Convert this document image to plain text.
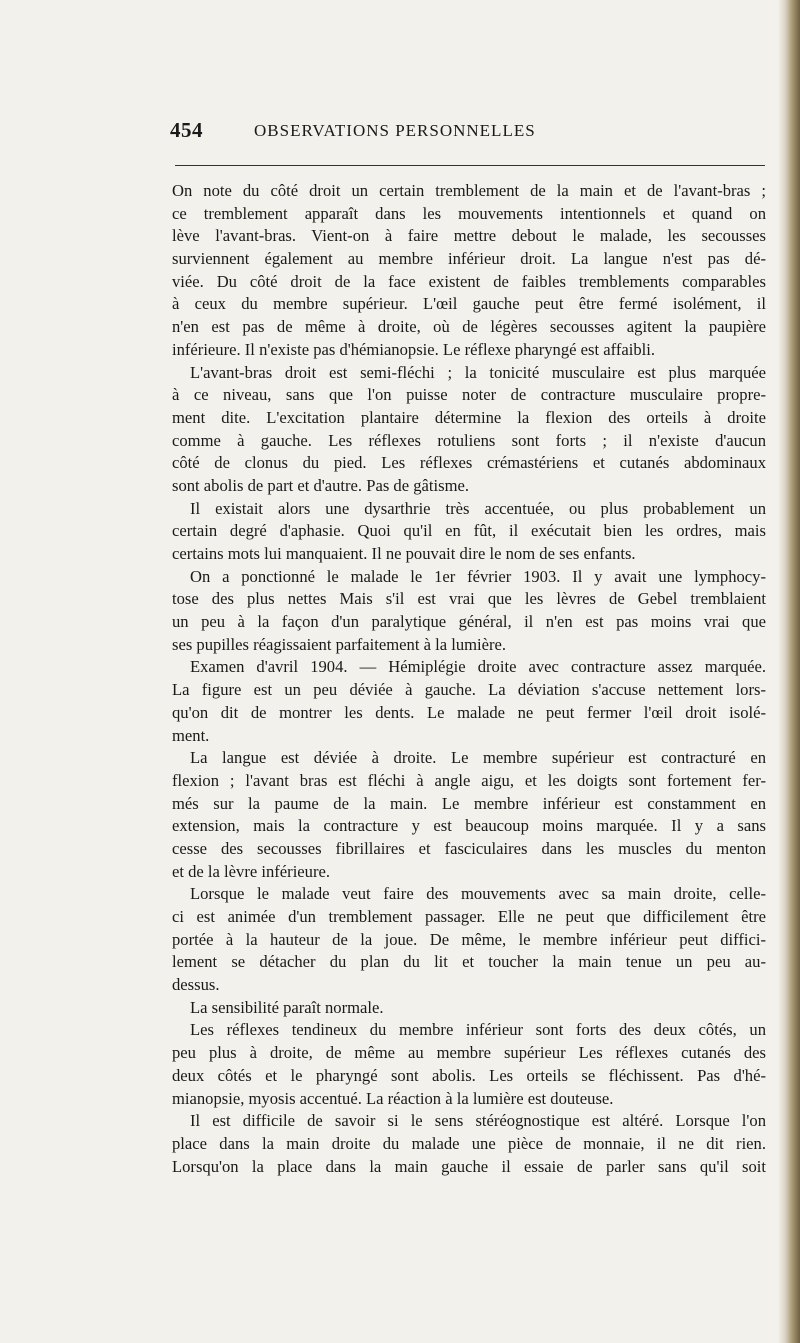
454	OBSERVATIONS PERSONNELLES
On note du côté droit un certain tremblement de la main et de l'avant-bras ;
ce tremblement apparaît dans les mouvements intentionnels et quand on
lève l'avant-bras. Vient-on à faire mettre debout le malade, les secousses
surviennent également au membre inférieur droit. La langue n'est pas dé-
viée. Du côté droit de la face existent de faibles tremblements comparables
à ceux du membre supérieur. L'œil gauche peut être fermé isolément, il
n'en est pas de même à droite, où de légères secousses agitent la paupière
inférieure. Il n'existe pas d'hémianopsie. Le réflexe pharyngé est affaibli.
L'avant-bras droit est semi-fléchi ; la tonicité musculaire est plus marquée
à ce niveau, sans que l'on puisse noter de contracture musculaire propre-
ment dite. L'excitation plantaire détermine la flexion des orteils à droite
comme à gauche. Les réflexes rotuliens sont forts ; il n'existe d'aucun
côté de clonus du pied. Les réflexes crémastériens et cutanés abdominaux
sont abolis de part et d'autre. Pas de gâtisme.
Il existait alors une dysarthrie très accentuée, ou plus probablement un
certain degré d'aphasie. Quoi qu'il en fût, il exécutait bien les ordres, mais
certains mots lui manquaient. Il ne pouvait dire le nom de ses enfants.
On a ponctionné le malade le 1er février 1903. Il y avait une lymphocy-
tose des plus nettes Mais s'il est vrai que les lèvres de Gebel tremblaient
un peu à la façon d'un paralytique général, il n'en est pas moins vrai que
ses pupilles réagissaient parfaitement à la lumière.
Examen d'avril 1904. — Hémiplégie droite avec contracture assez marquée.
La figure est un peu déviée à gauche. La déviation s'accuse nettement lors-
qu'on dit de montrer les dents. Le malade ne peut fermer l'œil droit isolé-
ment.
La langue est déviée à droite. Le membre supérieur est contracturé en
flexion ; l'avant bras est fléchi à angle aigu, et les doigts sont fortement fer-
més sur la paume de la main. Le membre inférieur est constamment en
extension, mais la contracture y est beaucoup moins marquée. Il y a sans
cesse des secousses fibrillaires et fasciculaires dans les muscles du menton
et de la lèvre inférieure.
Lorsque le malade veut faire des mouvements avec sa main droite, celle-
ci est animée d'un tremblement passager. Elle ne peut que difficilement être
portée à la hauteur de la joue. De même, le membre inférieur peut diffici-
lement se détacher du plan du lit et toucher la main tenue un peu au-
dessus.
La sensibilité paraît normale.
Les réflexes tendineux du membre inférieur sont forts des deux côtés, un
peu plus à droite, de même au membre supérieur Les réflexes cutanés des
deux côtés et le pharyngé sont abolis. Les orteils se fléchissent. Pas d'hé-
mianopsie, myosis accentué. La réaction à la lumière est douteuse.
Il est difficile de savoir si le sens stéréognostique est altéré. Lorsque l'on
place dans la main droite du malade une pièce de monnaie, il ne dit rien.
Lorsqu'on la place dans la main gauche il essaie de parler sans qu'il soit
